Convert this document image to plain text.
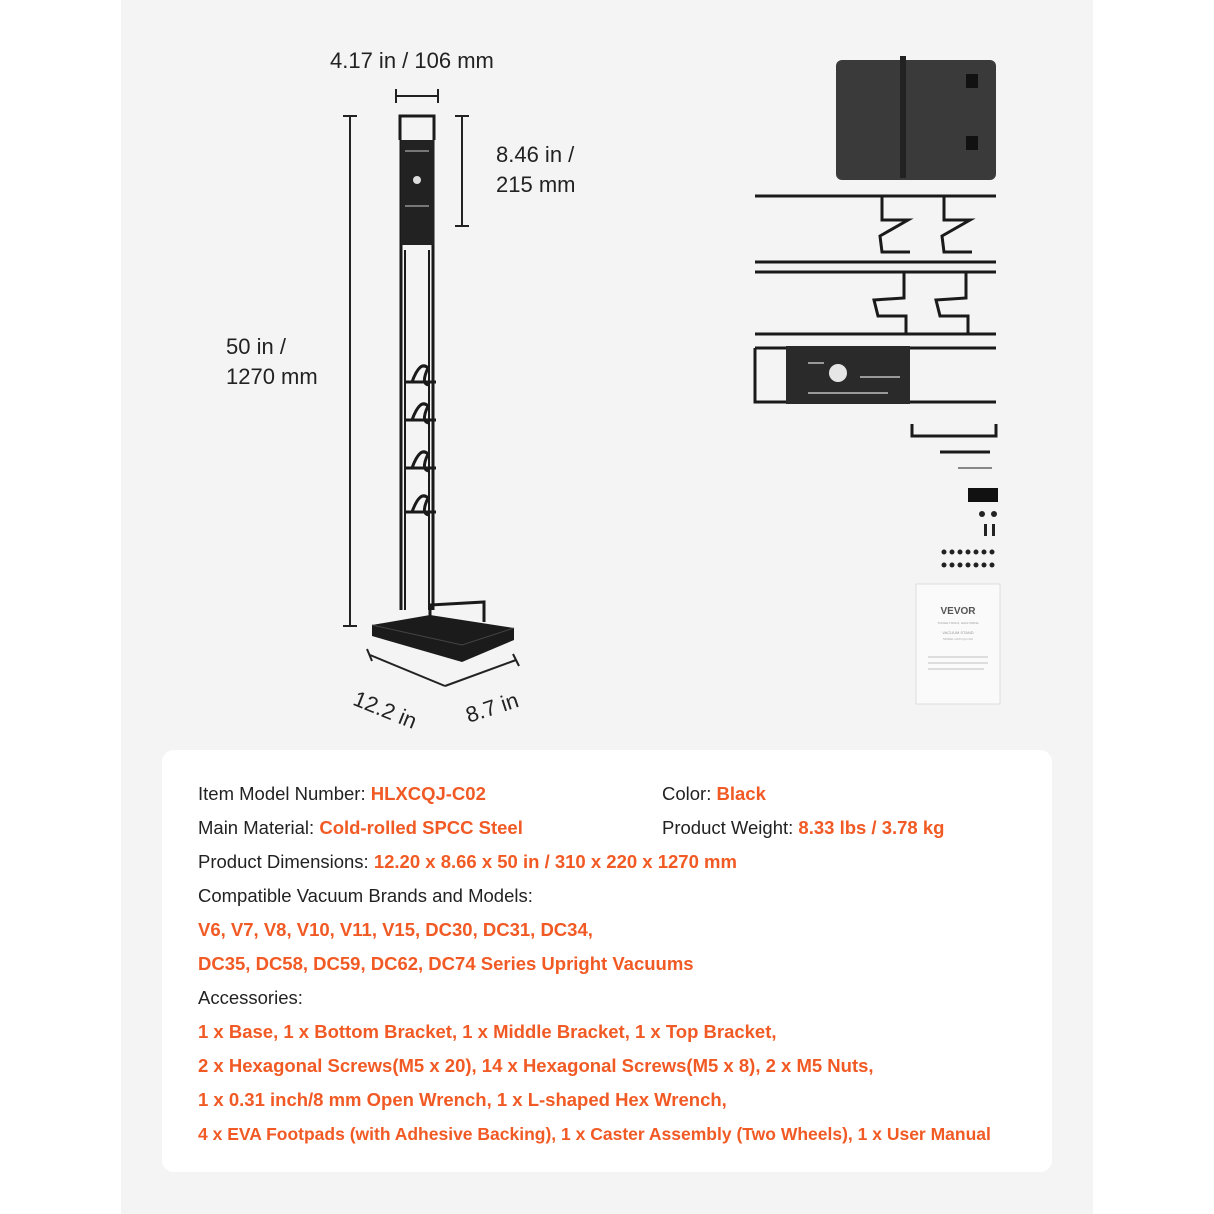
VEVOR
TOUGH TOOLS, HALF PRICE
VACUUM STAND
MODEL:HLXCQJ-C02
4.17 in / 106 mm
8.46 in /
215 mm
50 in /
1270 mm
12.2 in 8.7 in
Item Model Number: HLXCQJ-C02	Color: Black
Main Material: Cold-rolled SPCC Steel	Product Weight: 8.33 lbs / 3.78 kg
Product Dimensions: 12.20 x 8.66 x 50 in / 310 x 220 x 1270 mm
Compatible Vacuum Brands and Models:
V6, V7, V8, V10, V11, V15, DC30, DC31, DC34,
DC35, DC58, DC59, DC62, DC74 Series Upright Vacuums
Accessories:
1 x Base, 1 x Bottom Bracket, 1 x Middle Bracket, 1 x Top Bracket,
2 x Hexagonal Screws(M5 x 20), 14 x Hexagonal Screws(M5 x 8), 2 x M5 Nuts,
1 x 0.31 inch/8 mm Open Wrench, 1 x L-shaped Hex Wrench,
4 x EVA Footpads (with Adhesive Backing), 1 x Caster Assembly (Two Wheels), 1 x User Manual
